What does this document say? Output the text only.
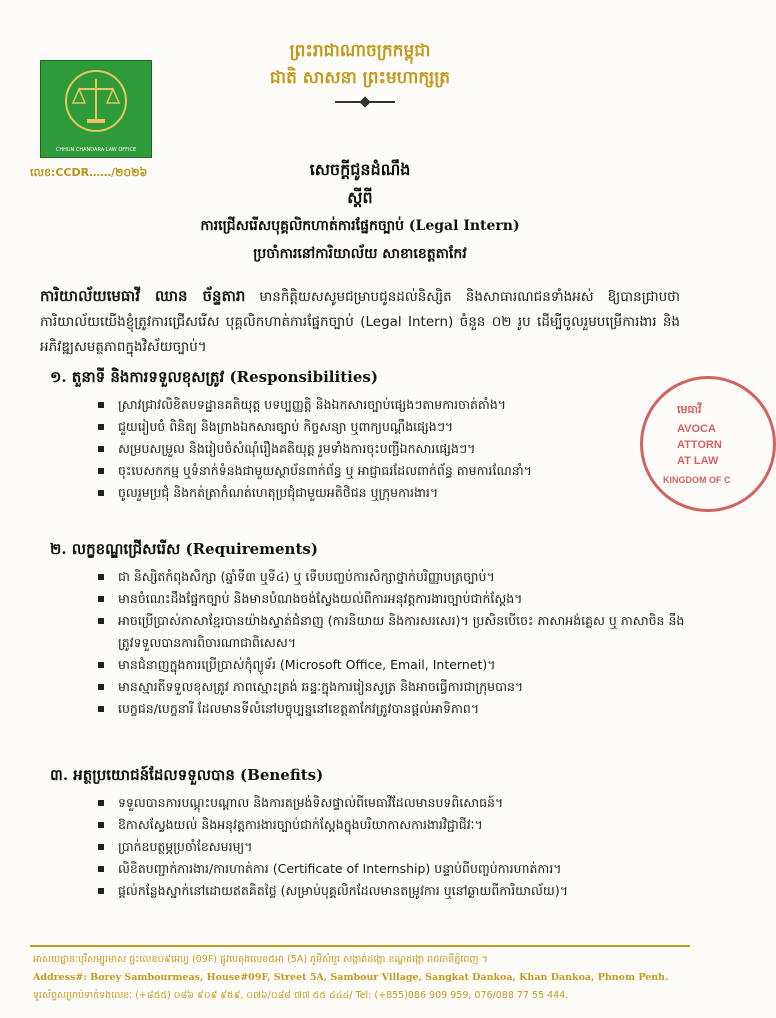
CHHUN CHANDARA LAW OFFICE
លេខ:CCDR……/២០២៦
ព្រះរាជាណាចក្រកម្ពុជា
ជាតិ សាសនា ព្រះមហាក្សត្រ
សេចក្តីជូនដំណឹង
ស្តីពី
ការជ្រើសរើសបុគ្គលិកហាត់ការផ្នែកច្បាប់ (Legal Intern)
ប្រចាំការនៅការិយាល័យ សាខាខេត្តតាកែវ
ការិយាល័យមេធាវី ឈាន ច័ន្ទតារា មានកិត្តិយសសូមជម្រាបជូនដល់និស្សិត និងសាធារណជនទាំងអស់ ឱ្យបានជ្រាបថា ការិយាល័យយើងខ្ញុំត្រូវការជ្រើសរើស បុគ្គលិកហាត់ការផ្នែកច្បាប់ (Legal Intern) ចំនួន ០២ រូប ដើម្បីចូលរួមបម្រើការងារ និងអភិវឌ្ឍសមត្ថភាពក្នុងវិស័យច្បាប់។
មេធាវី
AVOCA
ATTORN
AT LAW
KINGDOM OF C
១. តួនាទី និងការទទួលខុសត្រូវ (Responsibilities)
ស្រាវជ្រាវលិខិតបទដ្ឋានគតិយុត្ត បទប្បញ្ញត្តិ និងឯកសារច្បាប់ផ្សេងៗតាមការចាត់តាំង។
ជួយរៀបចំ ពិនិត្យ និងព្រាងឯកសារច្បាប់ កិច្ចសន្យា ឬពាក្យបណ្តឹងផ្សេងៗ។
សម្របសម្រួល និងរៀបចំសំណុំរឿងគតិយុត្ត រួមទាំងការចុះបញ្ជីឯកសារផ្សេងៗ។
ចុះបេសកកម្ម ឬទំនាក់ទំនងជាមួយស្ថាប័នពាក់ព័ន្ធ ឬ អាជ្ញាធរដែលពាក់ព័ន្ធ តាមការណែនាំ។
ចូលរួមប្រជុំ និងកត់ត្រាកំណត់ហេតុប្រជុំជាមួយអតិថិជន ឬក្រុមការងារ។
២. លក្ខខណ្ឌជ្រើសរើស (Requirements)
ជា និស្សិតកំពុងសិក្សា (ឆ្នាំទី៣ ឬទី៤) ឬ ទើបបញ្ចប់ការសិក្សាថ្នាក់បរិញ្ញាបត្រច្បាប់។
មានចំណេះដឹងផ្នែកច្បាប់ និងមានបំណងចង់ស្វែងយល់ពីការអនុវត្តការងារច្បាប់ជាក់ស្តែង។
អាចប្រើប្រាស់ភាសាខ្មែរបានយ៉ាងស្ទាត់ជំនាញ (ការនិយាយ និងការសរសេរ)។ ប្រសិនបើចេះ ភាសាអង់គ្លេស ឬ ភាសាចិន នឹងត្រូវទទួលបានការពិចារណាជាពិសេស។
មានជំនាញក្នុងការប្រើប្រាស់កុំព្យូទ័រ (Microsoft Office, Email, Internet)។
មានស្មារតីទទួលខុសត្រូវ ភាពស្មោះត្រង់ ឆន្ទៈក្នុងការរៀនសូត្រ និងអាចធ្វើការជាក្រុមបាន។
បេក្ខជន/បេក្ខនារី ដែលមានទីលំនៅបច្ចុប្បន្ននៅខេត្តតាកែវត្រូវបានផ្តល់អាទិភាព។
៣. អត្ថប្រយោជន៍ដែលទទួលបាន (Benefits)
ទទួលបានការបណ្តុះបណ្តាល និងការតម្រង់ទិសផ្ទាល់ពីមេធាវីដែលមានបទពិសោធន៍។
ឱកាសស្វែងយល់ និងអនុវត្តការងារច្បាប់ជាក់ស្តែងក្នុងបរិយាកាសការងារវិជ្ជាជីវៈ។
ប្រាក់ឧបត្ថម្ភប្រចាំខែសមរម្យ។
លិខិតបញ្ជាក់ការងារ/ការហាត់ការ (Certificate of Internship) បន្ទាប់ពីបញ្ចប់ការហាត់ការ។
ផ្តល់កន្លែងស្នាក់នៅដោយឥតគិតថ្លៃ (សម្រាប់បុគ្គលិកដែលមានតម្រូវការ ឬនៅឆ្ងាយពីការិយាល័យ)។
អាសយដ្ឋានៈបុរីសម្បូរមាស ផ្ទះលេខ០៩អេហ្វ (09F) ផ្លូវបេតុងលេខ៥អា (5A) ភូមិសំបួរ សង្កាត់ដង្កោ ខណ្ឌដង្កោ រាជធានីភ្នំពេញ ។
Address#: Borey Sambourmeas, House#09F, Street 5A, Sambour Village, Sangkat Dankoa, Khan Dankoa, Phnom Penh.
ទូរស័ព្ទសម្រាប់ទាក់ទងលេខៈ (+៨៥៥) ០៨៦ ៩០៩ ៩៥៩, ០៧៦/០៨៨ ៧៧ ៥៥ ៤៤៤/ Tel: (+855)086 909 959, 076/088 77 55 444.
